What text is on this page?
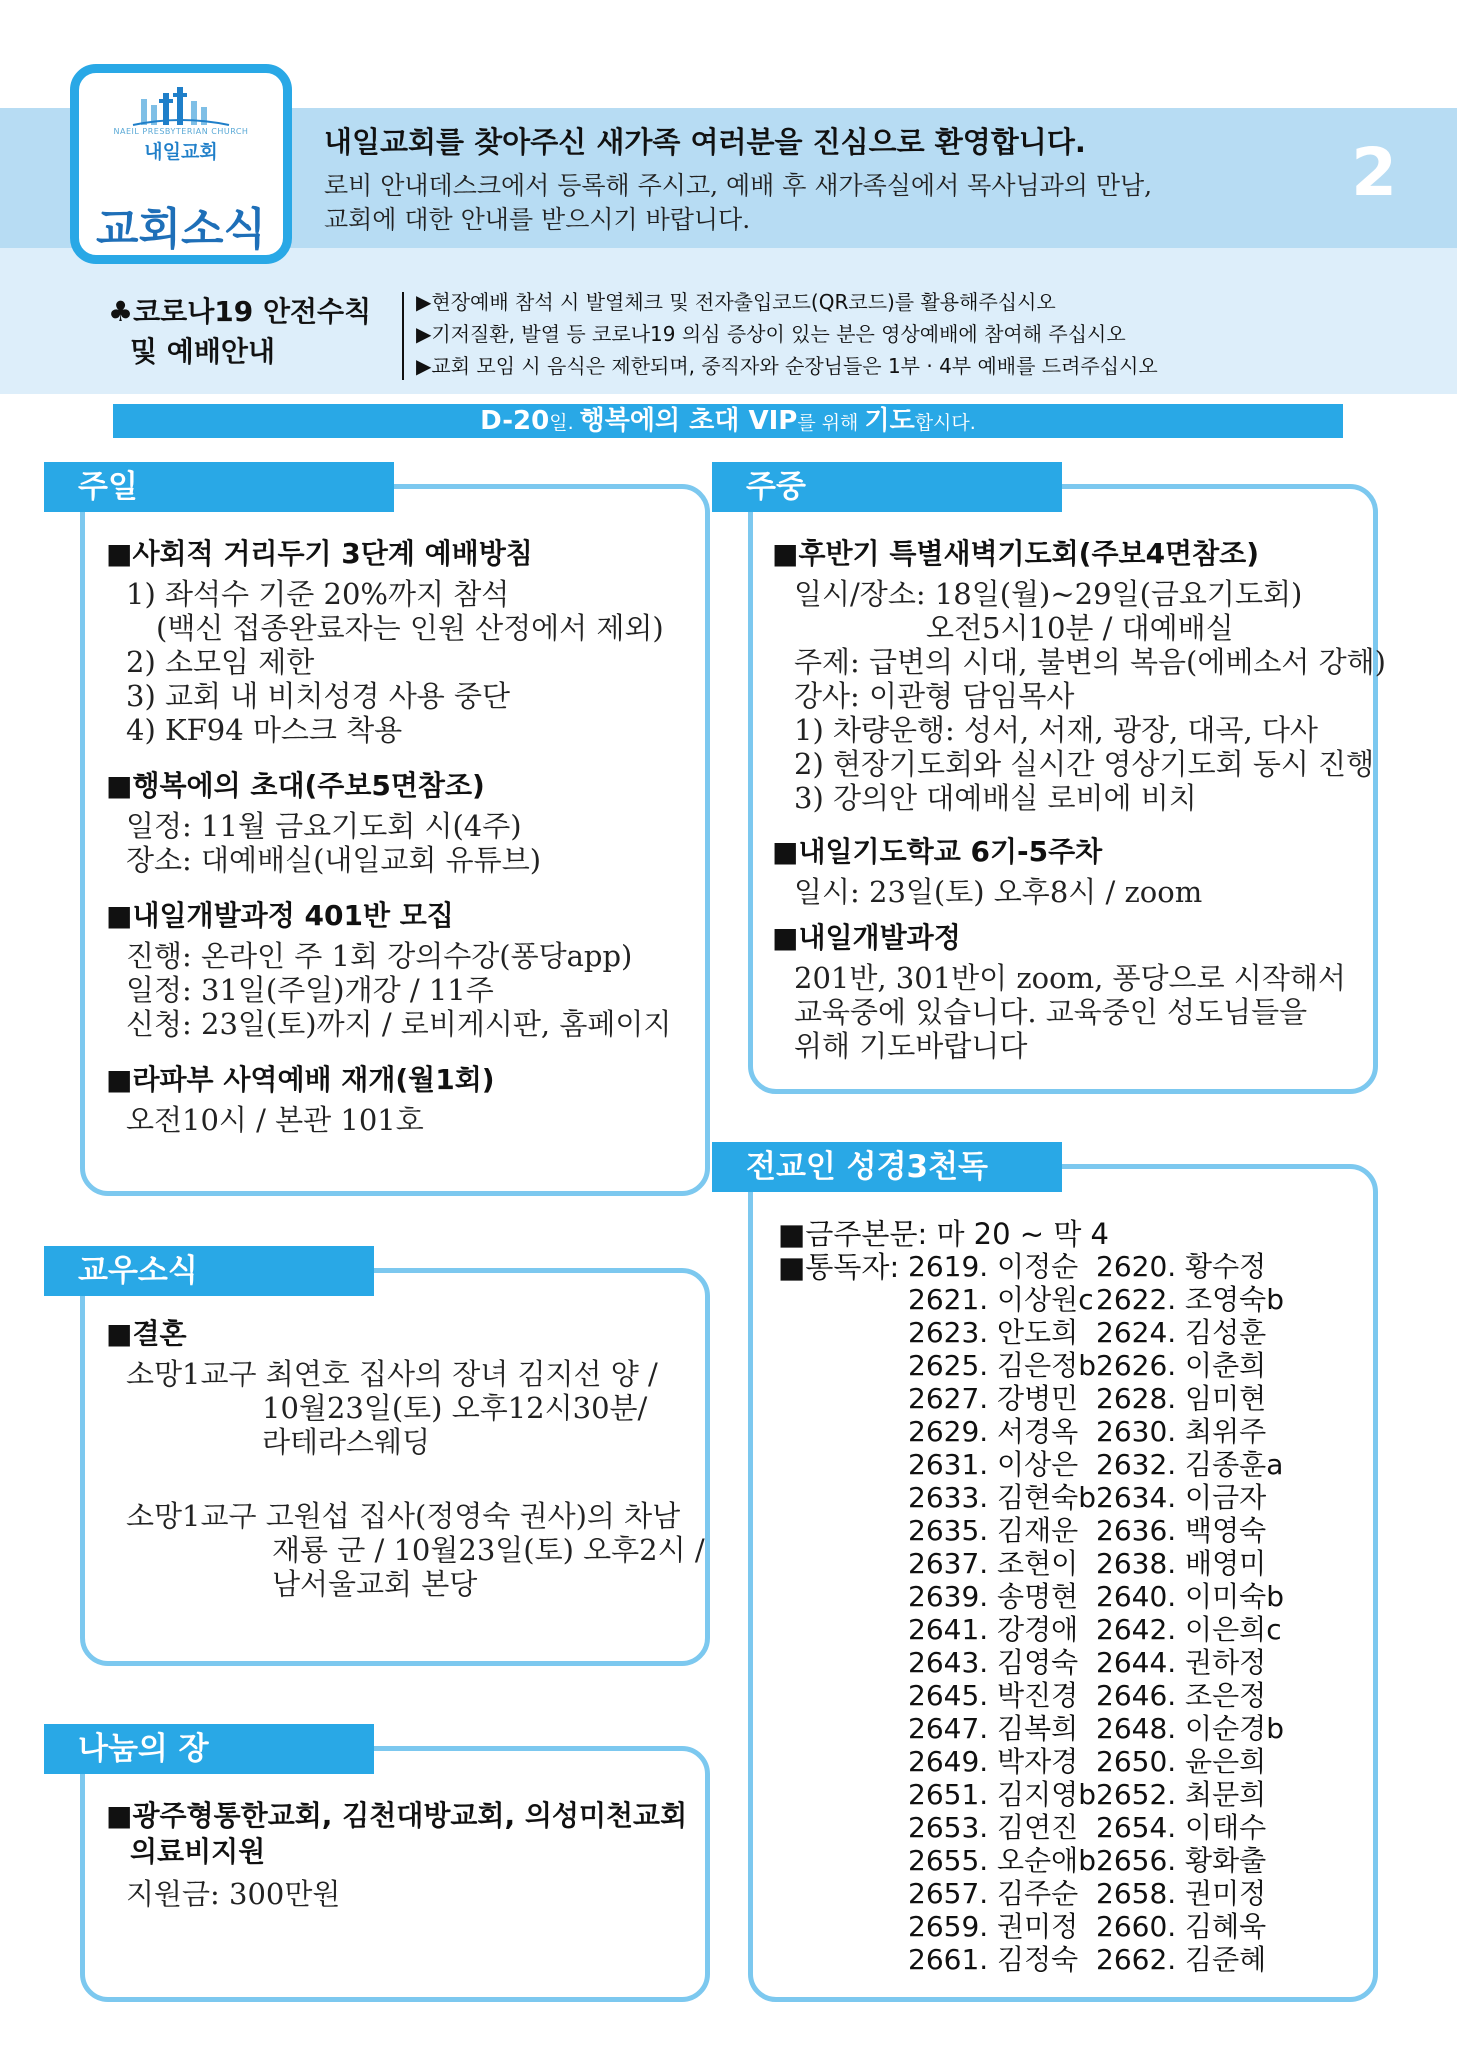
NAEIL PRESBYTERIAN CHURCH
내일교회
교회소식
내일교회를 찾아주신 새가족 여러분을 진심으로 환영합니다.
로비 안내데스크에서 등록해 주시고, 예배 후 새가족실에서 목사님과의 만남,
교회에 대한 안내를 받으시기 바랍니다.
2
♣코로나19 안전수칙
및 예배안내
▶현장예배 참석 시 발열체크 및 전자출입코드(QR코드)를 활용해주십시오
▶기저질환, 발열 등 코로나19 의심 증상이 있는 분은 영상예배에 참여해 주십시오
▶교회 모임 시 음식은 제한되며, 중직자와 순장님들은 1부 · 4부 예배를 드려주십시오
D-20일. 행복에의 초대 VIP를 위해 기도합시다.
주일
■사회적 거리두기 3단계 예배방침
1) 좌석수 기준 20%까지 참석
(백신 접종완료자는 인원 산정에서 제외)
2) 소모임 제한
3) 교회 내 비치성경 사용 중단
4) KF94 마스크 착용
■행복에의 초대(주보5면참조)
일정: 11월 금요기도회 시(4주)
장소: 대예배실(내일교회 유튜브)
■내일개발과정 401반 모집
진행: 온라인 주 1회 강의수강(퐁당app)
일정: 31일(주일)개강 / 11주
신청: 23일(토)까지 / 로비게시판, 홈페이지
■라파부 사역예배 재개(월1회)
오전10시 / 본관 101호
주중
■후반기 특별새벽기도회(주보4면참조)
일시/장소: 18일(월)~29일(금요기도회)
오전5시10분 / 대예배실
주제: 급변의 시대, 불변의 복음(에베소서 강해)
강사: 이관형 담임목사
1) 차량운행: 성서, 서재, 광장, 대곡, 다사
2) 현장기도회와 실시간 영상기도회 동시 진행
3) 강의안 대예배실 로비에 비치
■내일기도학교 6기-5주차
일시: 23일(토) 오후8시 / zoom
■내일개발과정
201반, 301반이 zoom, 퐁당으로 시작해서
교육중에 있습니다. 교육중인 성도님들을
위해 기도바랍니다
교우소식
■결혼
소망1교구 최연호 집사의 장녀 김지선 양 /
10월23일(토) 오후12시30분/
라테라스웨딩
소망1교구 고원섭 집사(정영숙 권사)의 차남
재룡 군 / 10월23일(토) 오후2시 /
남서울교회 본당
나눔의 장
■광주형통한교회, 김천대방교회, 의성미천교회
의료비지원
지원금: 300만원
전교인 성경3천독
■금주본문: 마 20 ~ 막 4
■통독자: 2619. 이정순 2620. 황수정
2621. 이상원c 2622. 조영숙b
2623. 안도희 2624. 김성훈
2625. 김은정b 2626. 이춘희
2627. 강병민 2628. 임미현
2629. 서경옥 2630. 최위주
2631. 이상은 2632. 김종훈a
2633. 김현숙b 2634. 이금자
2635. 김재운 2636. 백영숙
2637. 조현이 2638. 배영미
2639. 송명현 2640. 이미숙b
2641. 강경애 2642. 이은희c
2643. 김영숙 2644. 권하정
2645. 박진경 2646. 조은정
2647. 김복희 2648. 이순경b
2649. 박자경 2650. 윤은희
2651. 김지영b 2652. 최문희
2653. 김연진 2654. 이태수
2655. 오순애b 2656. 황화출
2657. 김주순 2658. 권미정
2659. 권미정 2660. 김혜욱
2661. 김정숙 2662. 김준혜
